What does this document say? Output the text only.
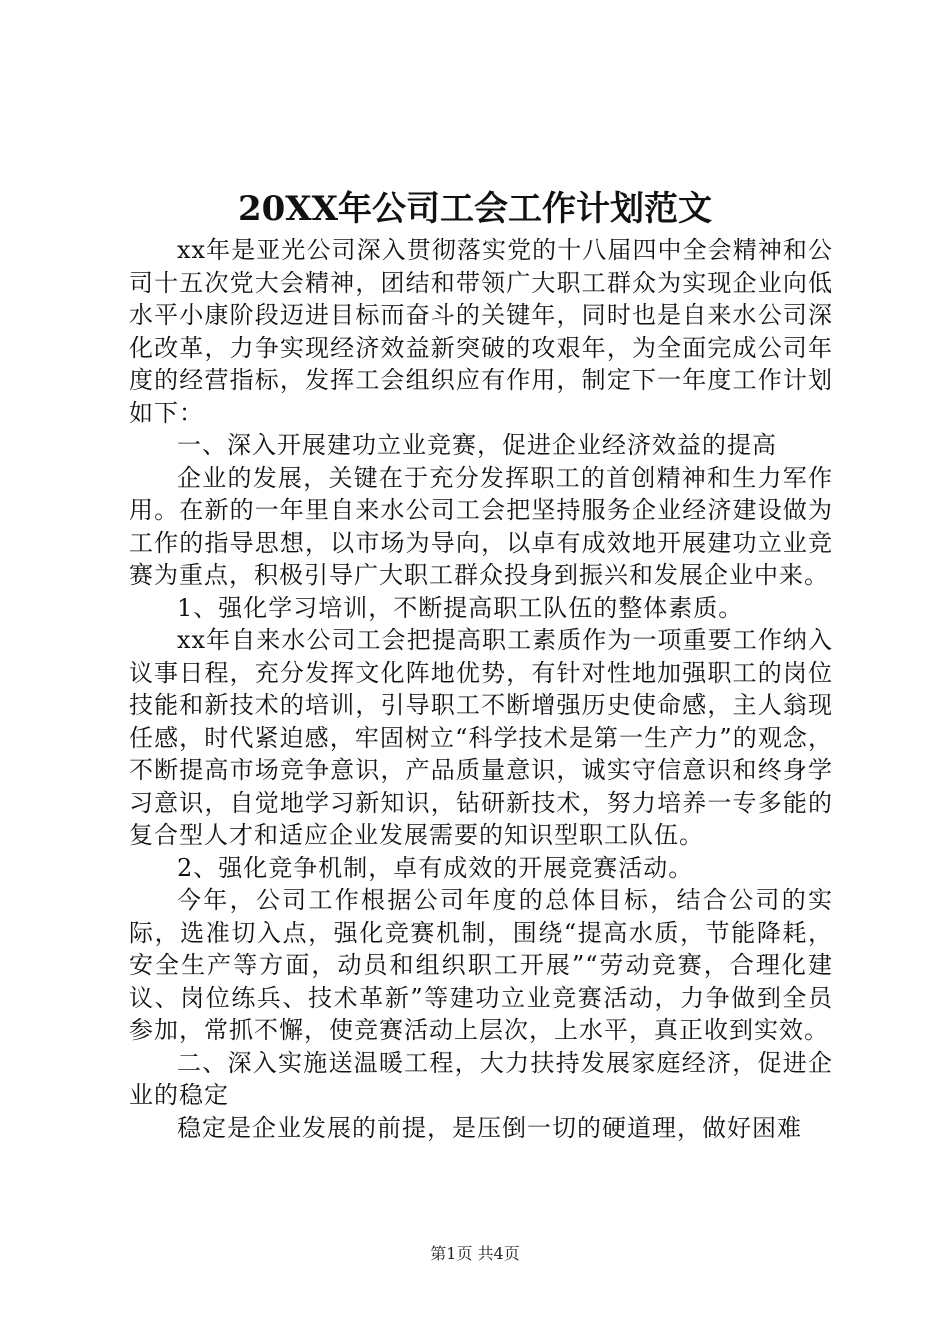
20XX年公司工会工作计划范文

xx年是亚光公司深入贯彻落实党的十八届四中全会精神和公司十五次党大会精神，团结和带领广大职工群众为实现企业向低水平小康阶段迈进目标而奋斗的关键年，同时也是自来水公司深化改革，力争实现经济效益新突破的攻艰年，为全面完成公司年度的经营指标，发挥工会组织应有作用，制定下一年度工作计划如下：

一、深入开展建功立业竞赛，促进企业经济效益的提高

企业的发展，关键在于充分发挥职工的首创精神和生力军作用。在新的一年里自来水公司工会把坚持服务企业经济建设做为工作的指导思想，以市场为导向，以卓有成效地开展建功立业竞赛为重点，积极引导广大职工群众投身到振兴和发展企业中来。

1、强化学习培训，不断提高职工队伍的整体素质。

xx年自来水公司工会把提高职工素质作为一项重要工作纳入议事日程，充分发挥文化阵地优势，有针对性地加强职工的岗位技能和新技术的培训，引导职工不断增强历史使命感，主人翁现任感，时代紧迫感，牢固树立“科学技术是第一生产力”的观念，不断提高市场竞争意识，产品质量意识，诚实守信意识和终身学习意识，自觉地学习新知识，钻研新技术，努力培养一专多能的复合型人才和适应企业发展需要的知识型职工队伍。

2、强化竞争机制，卓有成效的开展竞赛活动。

今年，公司工作根据公司年度的总体目标，结合公司的实际，选准切入点，强化竞赛机制，围绕“提高水质，节能降耗，安全生产等方面，动员和组织职工开展”“劳动竞赛，合理化建议、岗位练兵、技术革新”等建功立业竞赛活动，力争做到全员参加，常抓不懈，使竞赛活动上层次，上水平，真正收到实效。

二、深入实施送温暖工程，大力扶持发展家庭经济，促进企业的稳定

稳定是企业发展的前提，是压倒一切的硬道理，做好困难

第1页 共4页
